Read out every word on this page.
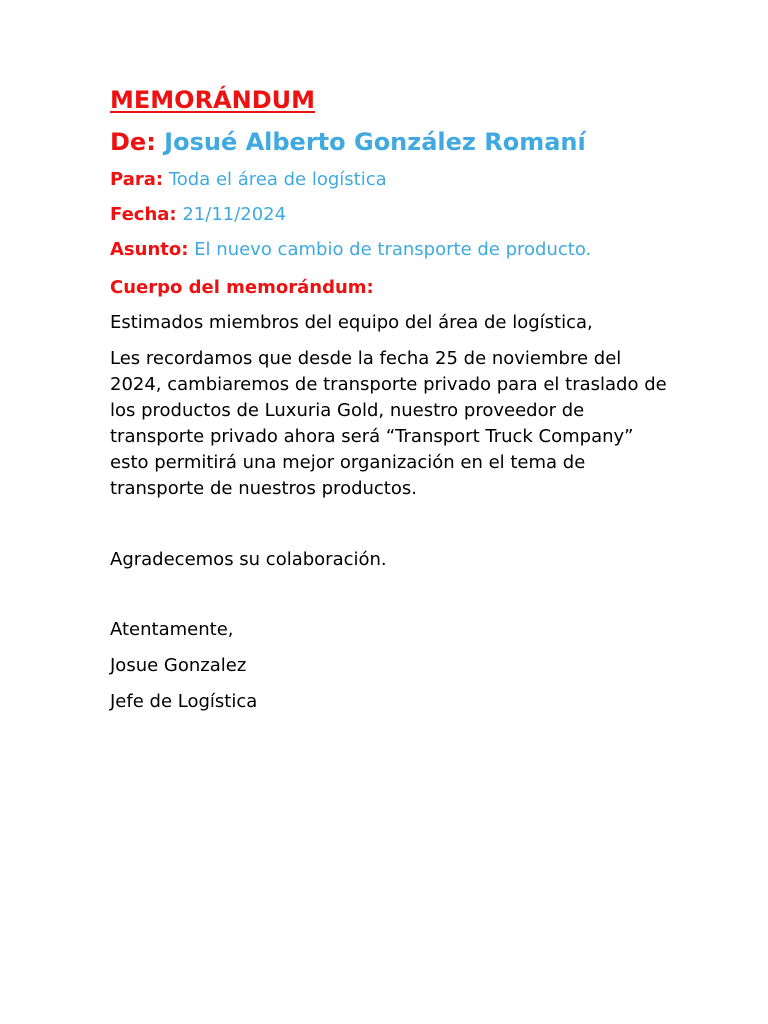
MEMORÁNDUM
De: Josué Alberto González Romaní
Para: Toda el área de logística
Fecha: 21/11/2024
Asunto: El nuevo cambio de transporte de producto.
Cuerpo del memorándum:
Estimados miembros del equipo del área de logística,
Les recordamos que desde la fecha 25 de noviembre del 2024, cambiaremos de transporte privado para el traslado de los productos de Luxuria Gold, nuestro proveedor de transporte privado ahora será “Transport Truck Company” esto permitirá una mejor organización en el tema de transporte de nuestros productos.
Agradecemos su colaboración.
Atentamente,
Josue Gonzalez
Jefe de Logística
